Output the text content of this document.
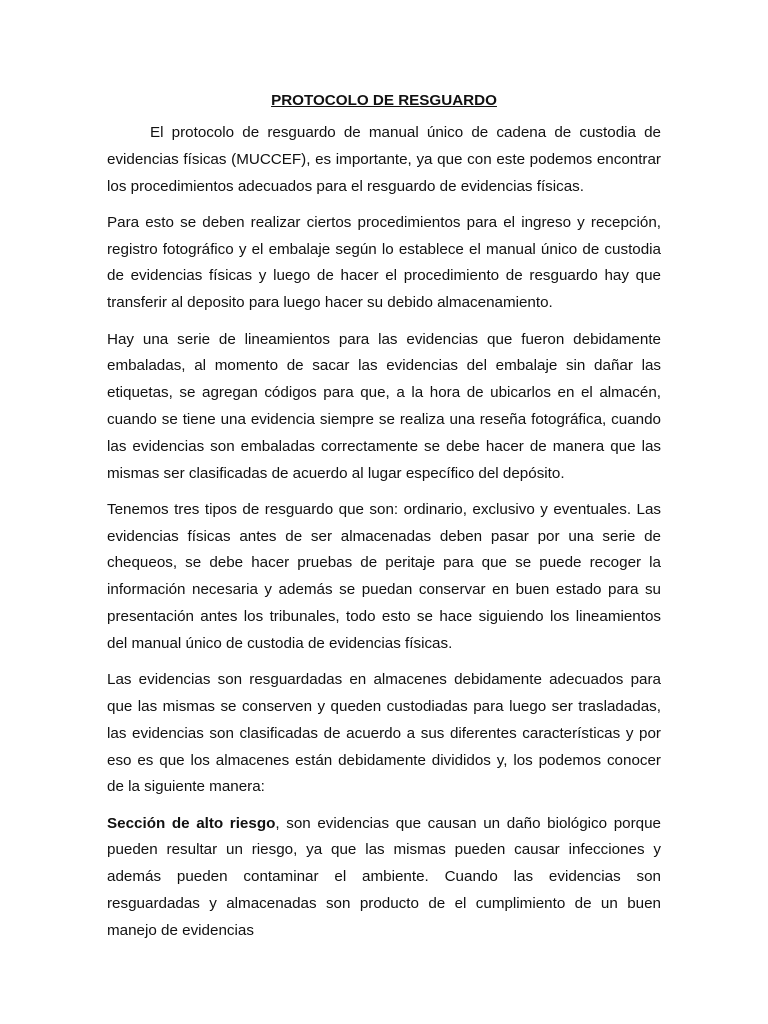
PROTOCOLO DE RESGUARDO

El protocolo de resguardo de manual único de cadena de custodia de evidencias físicas (MUCCEF), es importante, ya que con este podemos encontrar los procedimientos adecuados para el resguardo de evidencias físicas.

Para esto se deben realizar ciertos procedimientos para el ingreso y recepción, registro fotográfico y el embalaje según lo establece el manual único de custodia de evidencias físicas y luego de hacer el procedimiento de resguardo hay que transferir al deposito para luego hacer su debido almacenamiento.

Hay una serie de lineamientos para las evidencias que fueron debidamente embaladas, al momento de sacar las evidencias del embalaje sin dañar las etiquetas, se agregan códigos para que, a la hora de ubicarlos en el almacén, cuando se tiene una evidencia siempre se realiza una reseña fotográfica, cuando las evidencias son embaladas correctamente se debe hacer de manera que las mismas ser clasificadas de acuerdo al lugar específico del depósito.

Tenemos tres tipos de resguardo que son: ordinario, exclusivo y eventuales. Las evidencias físicas antes de ser almacenadas deben pasar por una serie de chequeos, se debe hacer pruebas de peritaje para que se puede recoger la información necesaria y además se puedan conservar en buen estado para su presentación antes los tribunales, todo esto se hace siguiendo los lineamientos del manual único de custodia de evidencias físicas.

Las evidencias son resguardadas en almacenes debidamente adecuados para que las mismas se conserven y queden custodiadas para luego ser trasladadas, las evidencias son clasificadas de acuerdo a sus diferentes características y por eso es que los almacenes están debidamente divididos y, los podemos conocer de la siguiente manera:

Sección de alto riesgo, son evidencias que causan un daño biológico porque pueden resultar un riesgo, ya que las mismas pueden causar infecciones y además pueden contaminar el ambiente. Cuando las evidencias son resguardadas y almacenadas son producto de el cumplimiento de un buen manejo de evidencias
